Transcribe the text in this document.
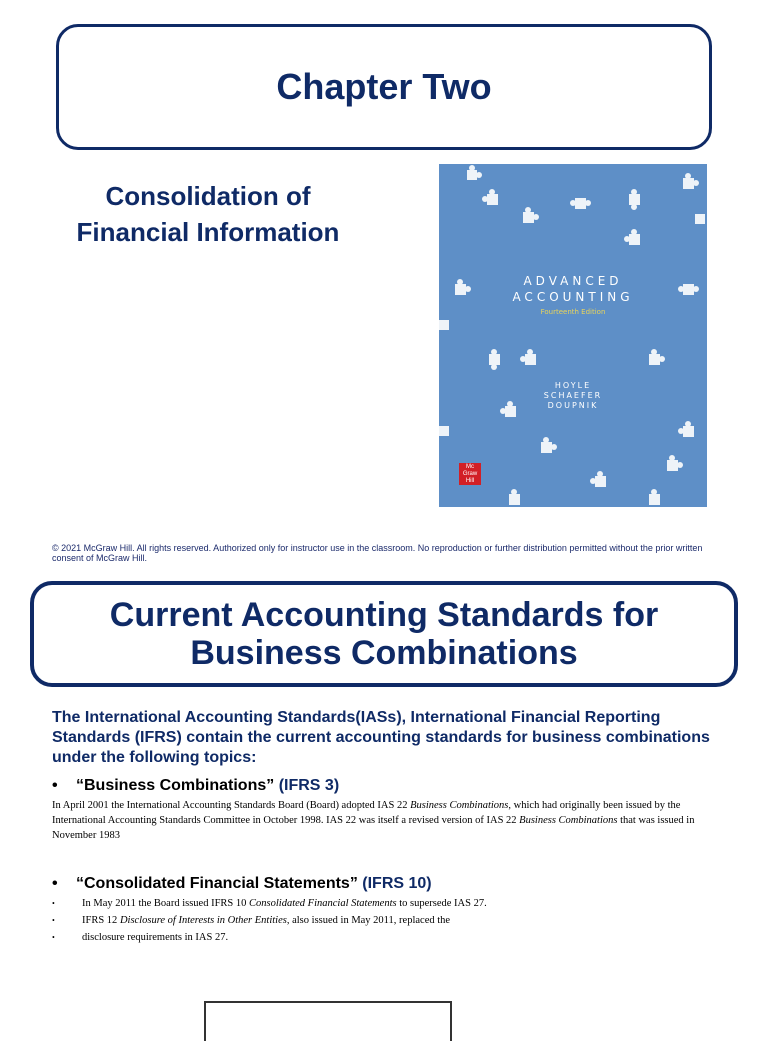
Chapter Two
Consolidation of Financial Information
ADVANCED
ACCOUNTING
Fourteenth Edition
HOYLE
SCHAEFER
DOUPNIK
Mc Graw Hill
© 2021 McGraw Hill. All rights reserved. Authorized only for instructor use in the classroom. No reproduction or further distribution permitted without the prior written consent of McGraw Hill.
Current Accounting Standards for Business Combinations
The International Accounting Standards(IASs), International Financial Reporting Standards (IFRS) contain the current accounting standards for business combinations under the following topics:
• “Business Combinations” (IFRS 3)
In April 2001 the International Accounting Standards Board (Board) adopted IAS 22 Business Combinations, which had originally been issued by the International Accounting Standards Committee in October 1998. IAS 22 was itself a revised version of IAS 22 Business Combinations that was issued in November 1983
• “Consolidated Financial Statements” (IFRS 10)
•	In May 2011 the Board issued IFRS 10 Consolidated Financial Statements to supersede IAS 27.
•	IFRS 12 Disclosure of Interests in Other Entities, also issued in May 2011, replaced the
•	disclosure requirements in IAS 27.
